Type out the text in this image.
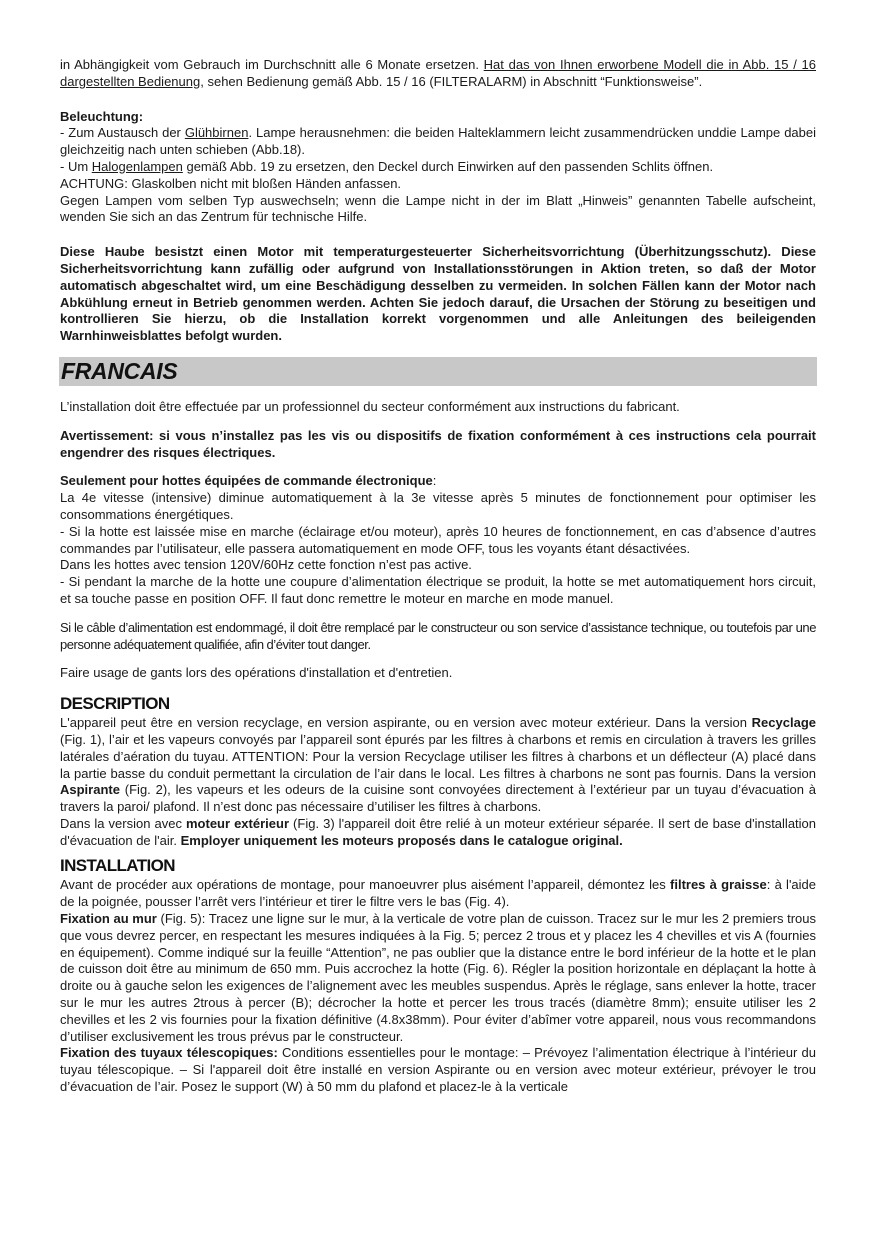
in Abhängigkeit vom Gebrauch im Durchschnitt alle 6 Monate ersetzen. Hat das von Ihnen erworbene Modell die in Abb. 15 / 16 dargestellten Bedienung, sehen Bedienung gemäß Abb. 15 / 16 (FILTERALARM) in Abschnitt “Funktionsweise”.

Beleuchtung:

- Zum Austausch der Glühbirnen. Lampe herausnehmen: die beiden Halteklammern leicht zusammendrücken unddie Lampe dabei gleichzeitig nach unten schieben (Abb.18).

- Um Halogenlampen gemäß Abb. 19 zu ersetzen, den Deckel durch Einwirken auf den passenden Schlits öffnen.

ACHTUNG: Glaskolben nicht mit bloßen Händen anfassen.

Gegen Lampen vom selben Typ auswechseln; wenn die Lampe nicht in der im Blatt „Hinweis” genannten Tabelle aufscheint, wenden Sie sich an das Zentrum für technische Hilfe.

Diese Haube besistzt einen Motor mit temperaturgesteuerter Sicherheitsvorrichtung (Überhitzungsschutz). Diese Sicherheitsvorrichtung kann zufällig oder aufgrund von Installationsstörungen in Aktion treten, so daß der Motor automatisch abgeschaltet wird, um eine Beschädigung desselben zu vermeiden. In solchen Fällen kann der Motor nach Abkühlung erneut in Betrieb genommen werden. Achten Sie jedoch darauf, die Ursachen der Störung zu beseitigen und kontrollieren Sie hierzu, ob die Installation korrekt vorgenommen und alle Anleitungen des beileigenden Warnhinweisblattes befolgt wurden.

FRANCAIS

L’installation doit être effectuée par un professionnel du secteur conformément aux instructions du fabricant.

Avertissement: si vous n’installez pas les vis ou dispositifs de fixation conformément à ces instructions cela pourrait engendrer des risques électriques.

Seulement pour hottes équipées de commande électronique:

La 4e vitesse (intensive) diminue automatiquement à la 3e vitesse après 5 minutes de fonctionnement pour optimiser les consommations énergétiques.

- Si la hotte est laissée mise en marche (éclairage et/ou moteur), après 10 heures de fonctionnement, en cas d’absence d’autres commandes par l’utilisateur, elle passera automatiquement en mode OFF, tous les voyants étant désactivées.

Dans les hottes avec tension 120V/60Hz cette fonction n’est pas active.

- Si pendant la marche de la hotte une coupure d’alimentation électrique se produit, la hotte se met automatiquement hors circuit, et sa touche passe en position OFF. Il faut donc remettre le moteur en marche en mode manuel.

Si le câble d’alimentation est endommagé, il doit être remplacé par le constructeur ou son service d’assistance technique, ou toutefois par une personne adéquatement qualifiée, afin d’éviter tout danger.

Faire usage de gants lors des opérations d'installation et d'entretien.

DESCRIPTION

L'appareil peut être en version recyclage, en version aspirante, ou en version avec moteur extérieur. Dans la version Recyclage (Fig. 1), l’air et les vapeurs convoyés par l’appareil sont épurés par les filtres à charbons et remis en circulation à travers les grilles latérales d’aération du tuyau. ATTENTION: Pour la version Recyclage utiliser les filtres à charbons et un déflecteur (A) placé dans la partie basse du conduit permettant la circulation de l’air dans le local. Les filtres à charbons ne sont pas fournis. Dans la version Aspirante (Fig. 2), les vapeurs et les odeurs de la cuisine sont convoyées directement à l’extérieur par un tuyau d’évacuation à travers la paroi/ plafond. Il n’est donc pas nécessaire d’utiliser les filtres à charbons.

Dans la version avec moteur extérieur (Fig. 3) l'appareil doit être relié à un moteur extérieur séparée. Il sert de base d'installation d'évacuation de l'air. Employer uniquement les moteurs proposés dans le catalogue original.

INSTALLATION

Avant de procéder aux opérations de montage, pour manoeuvrer plus aisément l’appareil, démontez les filtres à graisse: à l'aide de la poignée, pousser l’arrêt vers l’intérieur et tirer le filtre vers le bas (Fig. 4).

Fixation au mur (Fig. 5): Tracez une ligne sur le mur, à la verticale de votre plan de cuisson. Tracez sur le mur les 2 premiers trous que vous devrez percer, en respectant les mesures indiquées à la Fig. 5; percez 2 trous et y placez les 4 chevilles et vis A (fournies en équipement). Comme indiqué sur la feuille “Attention”, ne pas oublier que la distance entre le bord inférieur de la hotte et le plan de cuisson doit être au minimum de 650 mm. Puis accrochez la hotte (Fig. 6). Régler la position horizontale en déplaçant la hotte à droite ou à gauche selon les exigences de l’alignement avec les meubles suspendus. Après le réglage, sans enlever la hotte, tracer sur le mur les autres 2trous à percer (B); décrocher la hotte et percer les trous tracés (diamètre 8mm); ensuite utiliser les 2 chevilles et les 2 vis fournies pour la fixation définitive (4.8x38mm). Pour éviter d’abîmer votre appareil, nous vous recommandons d’utiliser exclusivement les trous prévus par le constructeur.

Fixation des tuyaux télescopiques: Conditions essentielles pour le montage: – Prévoyez l’alimentation électrique à l’intérieur du tuyau télescopique. – Si l'appareil doit être installé en version Aspirante ou en version avec moteur extérieur, prévoyer le trou d’évacuation de l’air. Posez le support (W) à 50 mm du plafond et placez-le à la verticale
